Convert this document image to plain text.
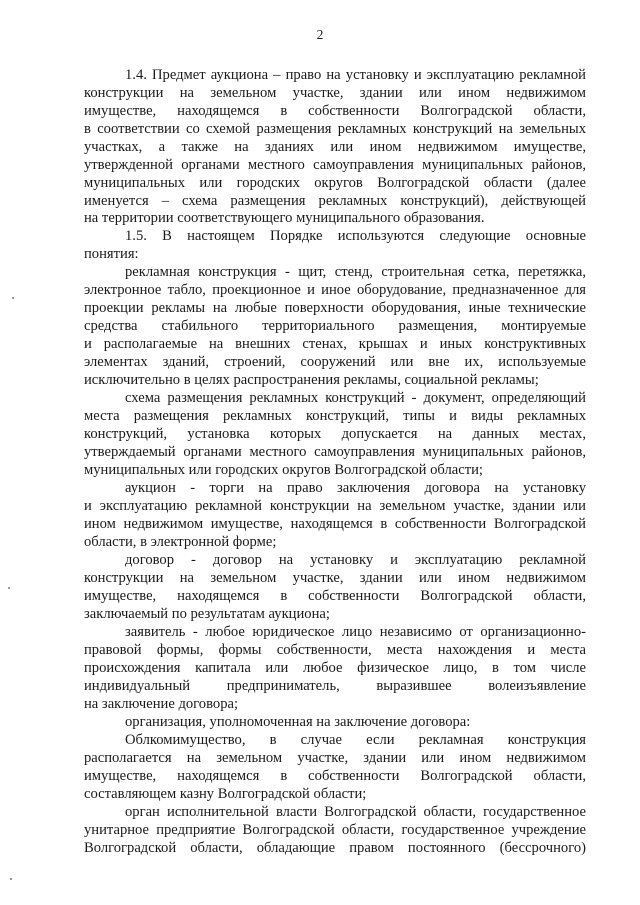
2
1.4. Предмет аукциона – право на установку и эксплуатацию рекламной
конструкции на земельном участке, здании или ином недвижимом
имуществе, находящемся в собственности Волгоградской области,
в соответствии со схемой размещения рекламных конструкций на земельных
участках, а также на зданиях или ином недвижимом имуществе,
утвержденной органами местного самоуправления муниципальных районов,
муниципальных или городских округов Волгоградской области (далее
именуется – схема размещения рекламных конструкций), действующей
на территории соответствующего муниципального образования.
1.5. В настоящем Порядке используются следующие основные
понятия:
рекламная конструкция - щит, стенд, строительная сетка, перетяжка,
электронное табло, проекционное и иное оборудование, предназначенное для
проекции рекламы на любые поверхности оборудования, иные технические
средства стабильного территориального размещения, монтируемые
и располагаемые на внешних стенах, крышах и иных конструктивных
элементах зданий, строений, сооружений или вне их, используемые
исключительно в целях распространения рекламы, социальной рекламы;
схема размещения рекламных конструкций - документ, определяющий
места размещения рекламных конструкций, типы и виды рекламных
конструкций, установка которых допускается на данных местах,
утверждаемый органами местного самоуправления муниципальных районов,
муниципальных или городских округов Волгоградской области;
аукцион - торги на право заключения договора на установку
и эксплуатацию рекламной конструкции на земельном участке, здании или
ином недвижимом имуществе, находящемся в собственности Волгоградской
области, в электронной форме;
договор - договор на установку и эксплуатацию рекламной
конструкции на земельном участке, здании или ином недвижимом
имуществе, находящемся в собственности Волгоградской области,
заключаемый по результатам аукциона;
заявитель - любое юридическое лицо независимо от организационно-
правовой формы, формы собственности, места нахождения и места
происхождения капитала или любое физическое лицо, в том числе
индивидуальный предприниматель, выразившее волеизъявление
на заключение договора;
организация, уполномоченная на заключение договора:
Облкомимущество, в случае если рекламная конструкция
располагается на земельном участке, здании или ином недвижимом
имуществе, находящемся в собственности Волгоградской области,
составляющем казну Волгоградской области;
орган исполнительной власти Волгоградской области, государственное
унитарное предприятие Волгоградской области, государственное учреждение
Волгоградской области, обладающие правом постоянного (бессрочного)
